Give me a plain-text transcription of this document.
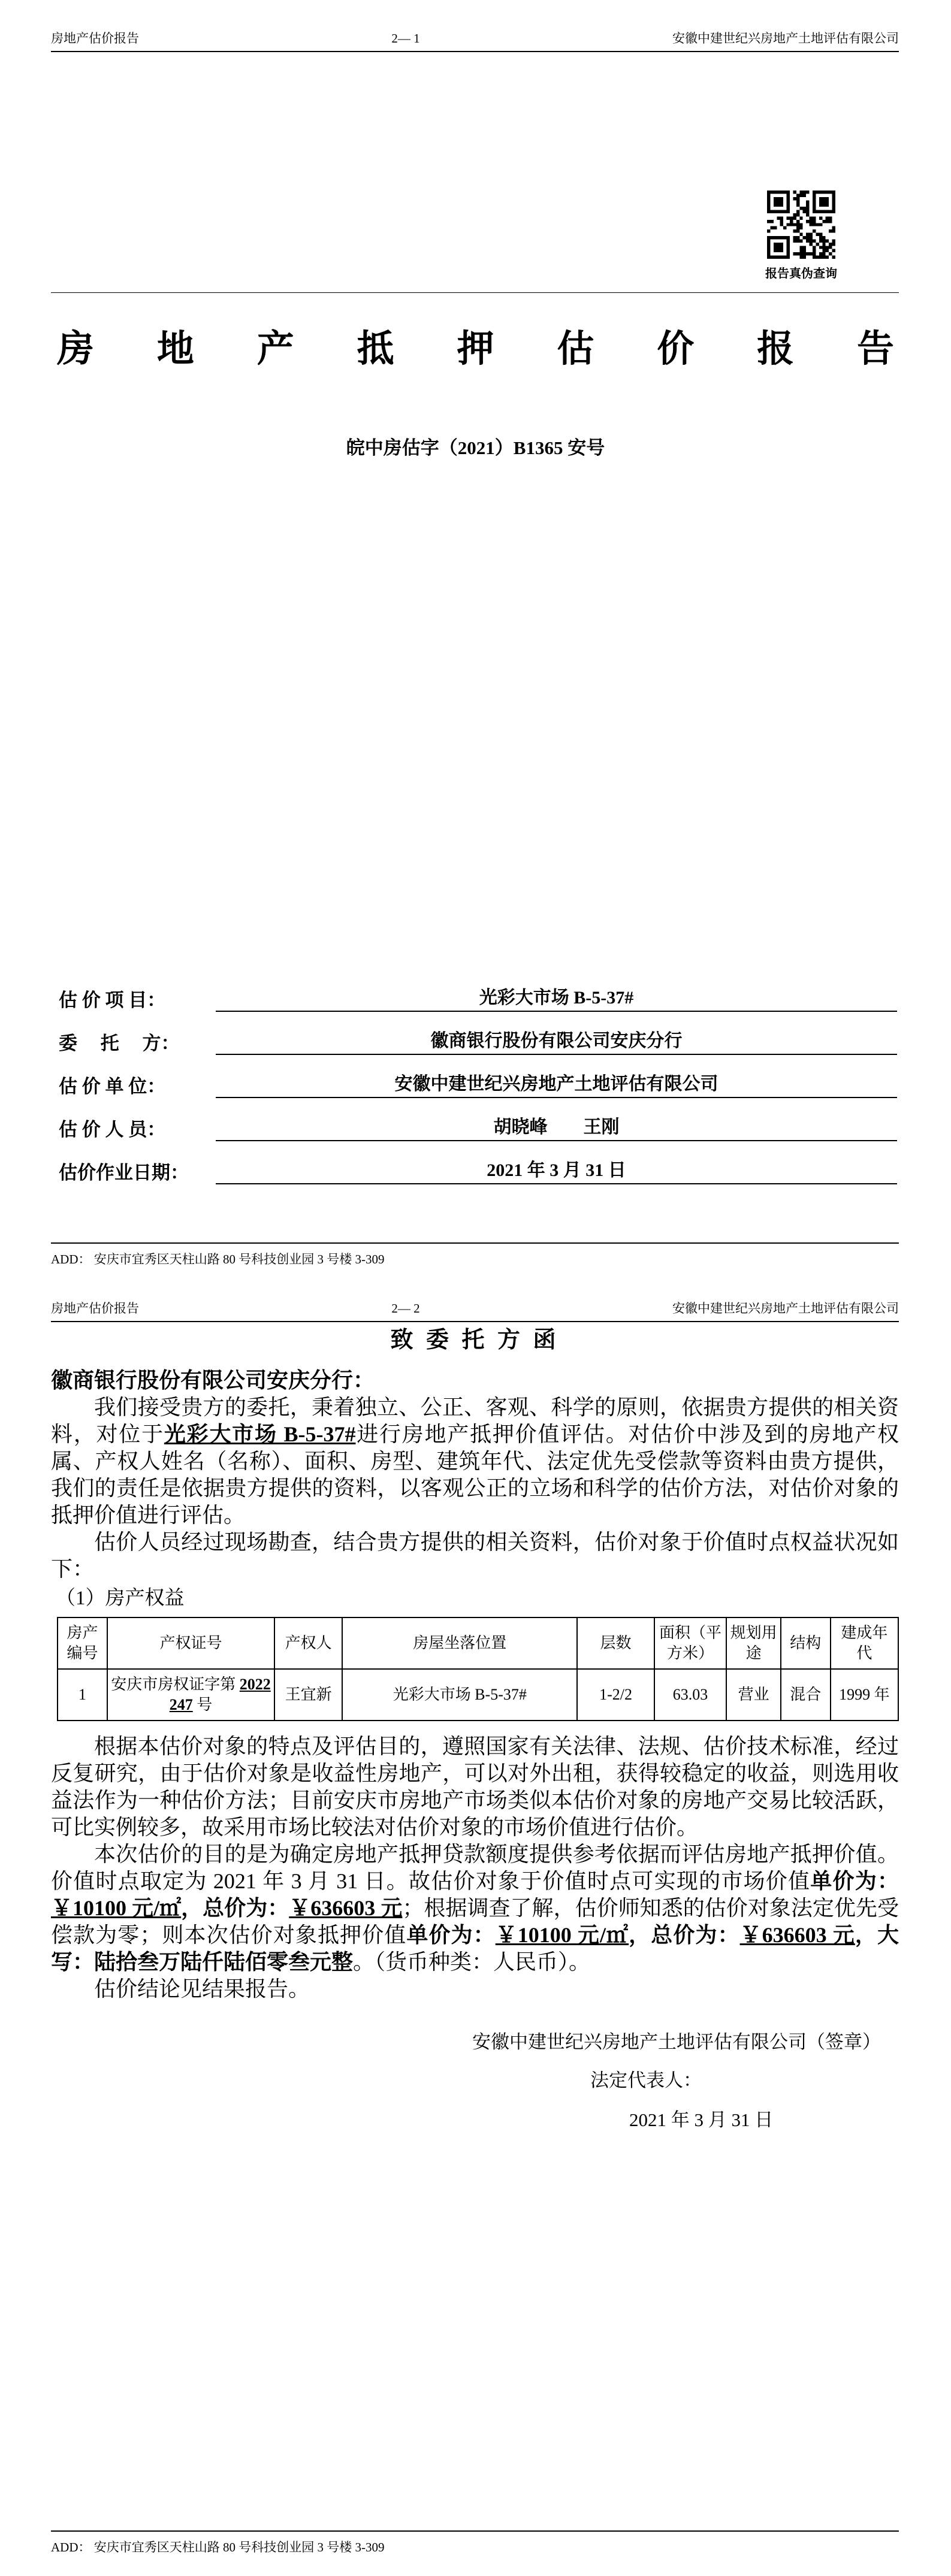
房地产估价报告	2— 1	安徽中建世纪兴房地产土地评估有限公司
报告真伪查询
房 地 产 抵 押 估 价 报 告
皖中房估字（2021）B1365 安号
估 价 项 目：	光彩大市场 B-5-37#
委　 托 　方：	徽商银行股份有限公司安庆分行
估 价 单 位：	安徽中建世纪兴房地产土地评估有限公司
估 价 人 员：	胡晓峰　　王刚
估价作业日期：	2021 年 3 月 31 日
ADD： 安庆市宜秀区天柱山路 80 号科技创业园 3 号楼 3-309
房地产估价报告	2— 2	安徽中建世纪兴房地产土地评估有限公司
致 委 托 方 函
徽商银行股份有限公司安庆分行：

我们接受贵方的委托，秉着独立、公正、客观、科学的原则，依据贵方提供的相关资料，对位于光彩大市场 B-5-37#进行房地产抵押价值评估。对估价中涉及到的房地产权属、产权人姓名（名称）、面积、房型、建筑年代、法定优先受偿款等资料由贵方提供，我们的责任是依据贵方提供的资料，以客观公正的立场和科学的估价方法，对估价对象的抵押价值进行评估。

估价人员经过现场勘查，结合贵方提供的相关资料，估价对象于价值时点权益状况如下：

（1）房产权益
房产编号	产权证号	产权人	房屋坐落位置	层数	面积（平方米）	规划用途	结构	建成年代
1	安庆市房权证字第 2022247 号	王宜新	光彩大市场 B-5-37#	1-2/2	63.03	营业	混合	1999 年

根据本估价对象的特点及评估目的，遵照国家有关法律、法规、估价技术标准，经过反复研究，由于估价对象是收益性房地产，可以对外出租，获得较稳定的收益，则选用收益法作为一种估价方法；目前安庆市房地产市场类似本估价对象的房地产交易比较活跃，可比实例较多，故采用市场比较法对估价对象的市场价值进行估价。

本次估价的目的是为确定房地产抵押贷款额度提供参考依据而评估房地产抵押价值。价值时点取定为 2021 年 3 月 31 日。故估价对象于价值时点可实现的市场价值单价为：￥10100 元/㎡，总价为：￥636603 元；根据调查了解，估价师知悉的估价对象法定优先受偿款为零；则本次估价对象抵押价值单价为：￥10100 元/㎡，总价为：￥636603 元，大写：陆拾叁万陆仟陆佰零叁元整。（货币种类：人民币）。

估价结论见结果报告。

安徽中建世纪兴房地产土地评估有限公司（签章）
法定代表人：
2021 年 3 月 31 日
ADD： 安庆市宜秀区天柱山路 80 号科技创业园 3 号楼 3-309
